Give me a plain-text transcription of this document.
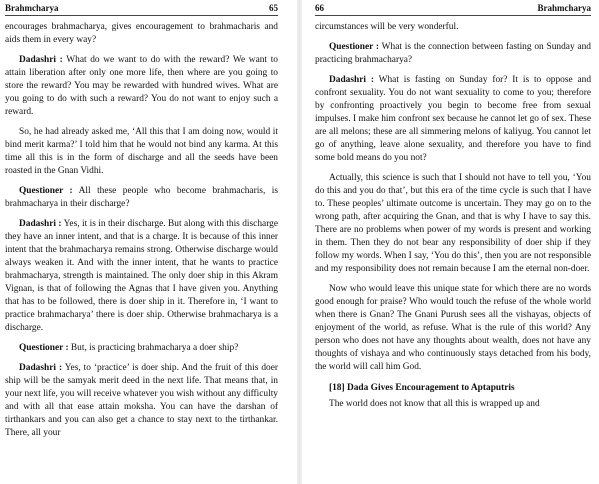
Brahmcharya	65

encourages brahmacharya, gives encouragement to brahmacharis and aids them in every way?

Dadashri : What do we want to do with the reward? We want to attain liberation after only one more life, then where are you going to store the reward? You may be rewarded with hundred wives. What are you going to do with such a reward? You do not want to enjoy such a reward.

So, he had already asked me, ‘All this that I am doing now, would it bind merit karma?’ I told him that he would not bind any karma. At this time all this is in the form of discharge and all the seeds have been roasted in the Gnan Vidhi.

Questioner : All these people who become brahmacharis, is brahmacharya in their discharge?

Dadashri : Yes, it is in their discharge. But along with this discharge they have an inner intent, and that is a charge. It is because of this inner intent that the brahmacharya remains strong. Otherwise discharge would always weaken it. And with the inner intent, that he wants to practice brahmacharya, strength is maintained. The only doer ship in this Akram Vignan, is that of following the Agnas that I have given you. Anything that has to be followed, there is doer ship in it. Therefore in, ‘I want to practice brahmacharya’ there is doer ship. Otherwise brahmacharya is a discharge.

Questioner : But, is practicing brahmacharya a doer ship?

Dadashri : Yes, to ‘practice’ is doer ship. And the fruit of this doer ship will be the samyak merit deed in the next life. That means that, in your next life, you will receive whatever you wish without any difficulty and with all that ease attain moksha. You can have the darshan of tirthankars and you can also get a chance to stay next to the tirthankar. There, all your

66	Brahmcharya

circumstances will be very wonderful.

Questioner : What is the connection between fasting on Sunday and practicing brahmacharya?

Dadashri : What is fasting on Sunday for? It is to oppose and confront sexuality. You do not want sexuality to come to you; therefore by confronting proactively you begin to become free from sexual impulses. I make him confront sex because he cannot let go of sex. These are all melons; these are all simmering melons of kaliyug. You cannot let go of anything, leave alone sexuality, and therefore you have to find some bold means do you not?

Actually, this science is such that I should not have to tell you, ‘You do this and you do that’, but this era of the time cycle is such that I have to. These peoples’ ultimate outcome is uncertain. They may go on to the wrong path, after acquiring the Gnan, and that is why I have to say this. There are no problems when power of my words is present and working in them. Then they do not bear any responsibility of doer ship if they follow my words. When I say, ‘You do this’, then you are not responsible and my responsibility does not remain because I am the eternal non-doer.

Now who would leave this unique state for which there are no words good enough for praise? Who would touch the refuse of the whole world when there is Gnan? The Gnani Purush sees all the vishayas, objects of enjoyment of the world, as refuse. What is the rule of this world? Any person who does not have any thoughts about wealth, does not have any thoughts of vishaya and who continuously stays detached from his body, the world will call him God.

[18] Dada Gives Encouragement to Aptaputris

The world does not know that all this is wrapped up and
